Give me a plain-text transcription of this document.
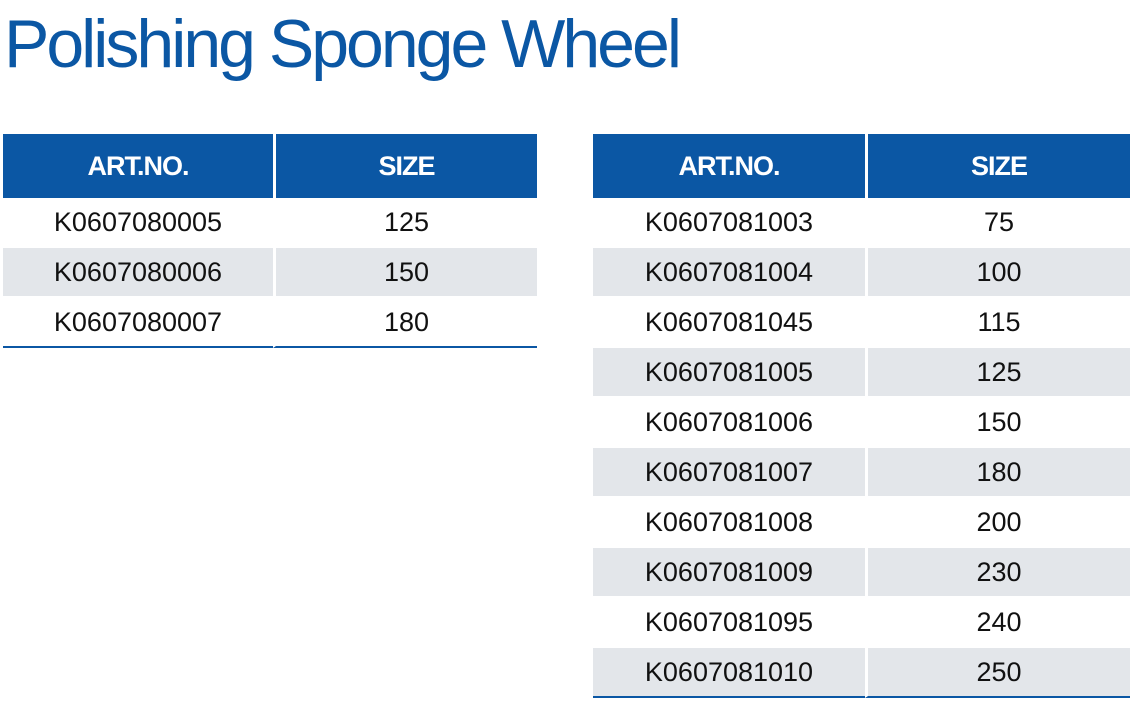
Polishing Sponge Wheel
ART.NO.	SIZE
K0607080005	125
K0607080006	150
K0607080007	180
ART.NO.	SIZE
K0607081003	75
K0607081004	100
K0607081045	115
K0607081005	125
K0607081006	150
K0607081007	180
K0607081008	200
K0607081009	230
K0607081095	240
K0607081010	250
